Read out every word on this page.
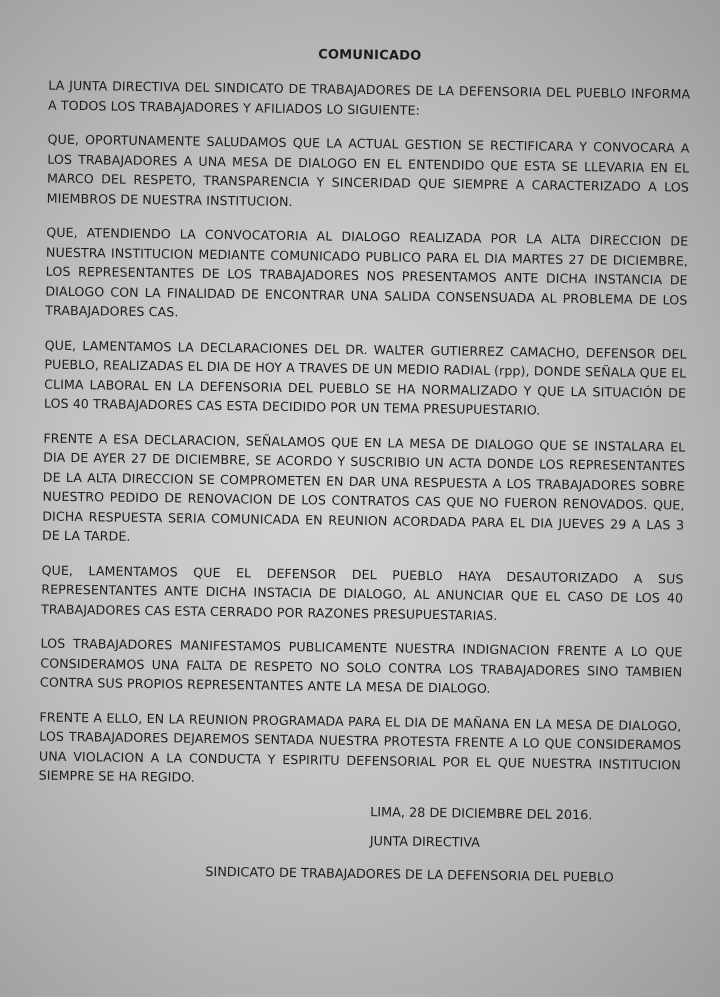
COMUNICADO

LA JUNTA DIRECTIVA DEL SINDICATO DE TRABAJADORES DE LA DEFENSORIA DEL PUEBLO INFORMA A TODOS LOS TRABAJADORES Y AFILIADOS LO SIGUIENTE:

QUE, OPORTUNAMENTE SALUDAMOS QUE LA ACTUAL GESTION SE RECTIFICARA Y CONVOCARA A LOS TRABAJADORES A UNA MESA DE DIALOGO EN EL ENTENDIDO QUE ESTA SE LLEVARIA EN EL MARCO DEL RESPETO, TRANSPARENCIA Y SINCERIDAD QUE SIEMPRE A CARACTERIZADO A LOS MIEMBROS DE NUESTRA INSTITUCION.

QUE, ATENDIENDO LA CONVOCATORIA AL DIALOGO REALIZADA POR LA ALTA DIRECCION DE NUESTRA INSTITUCION MEDIANTE COMUNICADO PUBLICO PARA EL DIA MARTES 27 DE DICIEMBRE, LOS REPRESENTANTES DE LOS TRABAJADORES NOS PRESENTAMOS ANTE DICHA INSTANCIA DE DIALOGO CON LA FINALIDAD DE ENCONTRAR UNA SALIDA CONSENSUADA AL PROBLEMA DE LOS TRABAJADORES CAS.

QUE, LAMENTAMOS LA DECLARACIONES DEL DR. WALTER GUTIERREZ CAMACHO, DEFENSOR DEL PUEBLO, REALIZADAS EL DIA DE HOY A TRAVES DE UN MEDIO RADIAL (rpp), DONDE SEÑALA QUE EL CLIMA LABORAL EN LA DEFENSORIA DEL PUEBLO SE HA NORMALIZADO Y QUE LA SITUACIÓN DE LOS 40 TRABAJADORES CAS ESTA DECIDIDO POR UN TEMA PRESUPUESTARIO.

FRENTE A ESA DECLARACION, SEÑALAMOS QUE EN LA MESA DE DIALOGO QUE SE INSTALARA EL DIA DE AYER 27 DE DICIEMBRE, SE ACORDO Y SUSCRIBIO UN ACTA DONDE LOS REPRESENTANTES DE LA ALTA DIRECCION SE COMPROMETEN EN DAR UNA RESPUESTA A LOS TRABAJADORES SOBRE NUESTRO PEDIDO DE RENOVACION DE LOS CONTRATOS CAS QUE NO FUERON RENOVADOS. QUE, DICHA RESPUESTA SERIA COMUNICADA EN REUNION ACORDADA PARA EL DIA JUEVES 29 A LAS 3 DE LA TARDE.

QUE, LAMENTAMOS QUE EL DEFENSOR DEL PUEBLO HAYA DESAUTORIZADO A SUS REPRESENTANTES ANTE DICHA INSTACIA DE DIALOGO, AL ANUNCIAR QUE EL CASO DE LOS 40 TRABAJADORES CAS ESTA CERRADO POR RAZONES PRESUPUESTARIAS.

LOS TRABAJADORES MANIFESTAMOS PUBLICAMENTE NUESTRA INDIGNACION FRENTE A LO QUE CONSIDERAMOS UNA FALTA DE RESPETO NO SOLO CONTRA LOS TRABAJADORES SINO TAMBIEN CONTRA SUS PROPIOS REPRESENTANTES ANTE LA MESA DE DIALOGO.

FRENTE A ELLO, EN LA REUNION PROGRAMADA PARA EL DIA DE MAÑANA EN LA MESA DE DIALOGO, LOS TRABAJADORES DEJAREMOS SENTADA NUESTRA PROTESTA FRENTE A LO QUE CONSIDERAMOS UNA VIOLACION A LA CONDUCTA Y ESPIRITU DEFENSORIAL POR EL QUE NUESTRA INSTITUCION SIEMPRE SE HA REGIDO.

LIMA, 28 DE DICIEMBRE DEL 2016.

JUNTA DIRECTIVA

SINDICATO DE TRABAJADORES DE LA DEFENSORIA DEL PUEBLO
